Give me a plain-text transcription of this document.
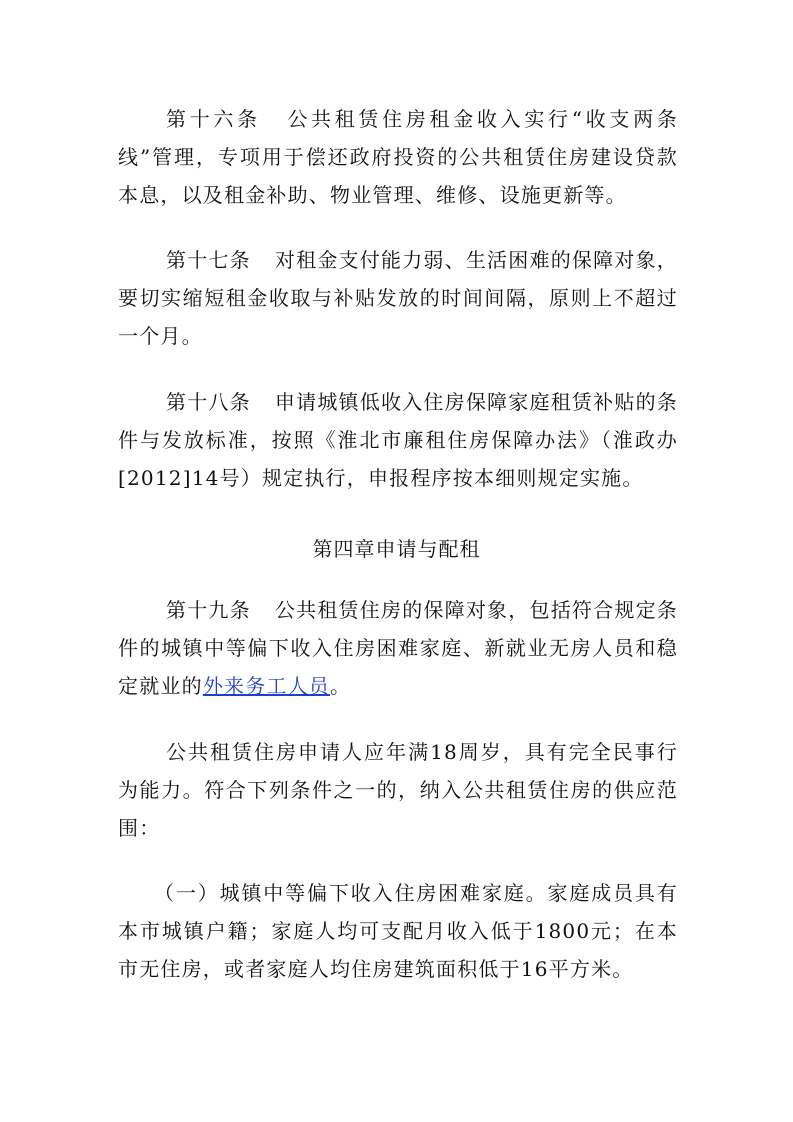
第十六条 公共租赁住房租金收入实行“收支两条线”管理，专项用于偿还政府投资的公共租赁住房建设贷款本息，以及租金补助、物业管理、维修、设施更新等。

第十七条 对租金支付能力弱、生活困难的保障对象，要切实缩短租金收取与补贴发放的时间间隔，原则上不超过一个月。

第十八条 申请城镇低收入住房保障家庭租赁补贴的条件与发放标准，按照《淮北市廉租住房保障办法》（淮政办[2012]14号）规定执行，申报程序按本细则规定实施。

第四章申请与配租

第十九条 公共租赁住房的保障对象，包括符合规定条件的城镇中等偏下收入住房困难家庭、新就业无房人员和稳定就业的外来务工人员。

公共租赁住房申请人应年满18周岁，具有完全民事行为能力。符合下列条件之一的，纳入公共租赁住房的供应范围：

（一）城镇中等偏下收入住房困难家庭。家庭成员具有本市城镇户籍；家庭人均可支配月收入低于1800元；在本市无住房，或者家庭人均住房建筑面积低于16平方米。
